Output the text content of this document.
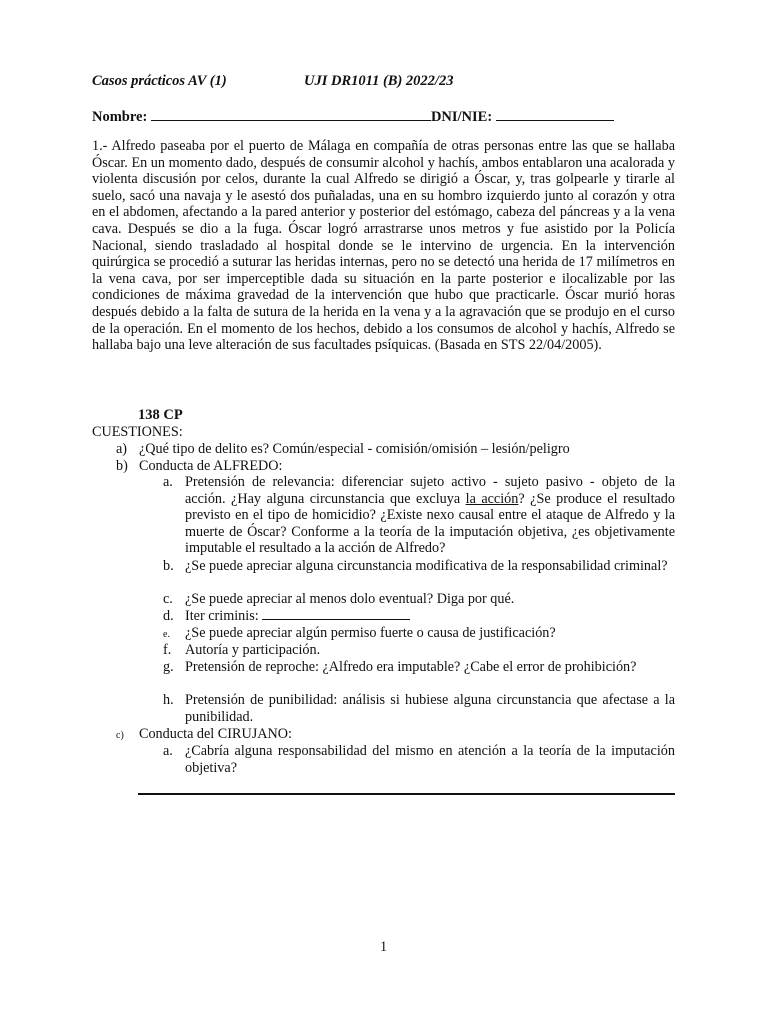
Casos prácticos AV (1)	UJI DR1011 (B) 2022/23
Nombre:	DNI/NIE:

1.- Alfredo paseaba por el puerto de Málaga en compañía de otras personas entre las que se hallaba Óscar. En un momento dado, después de consumir alcohol y hachís, ambos entablaron una acalorada y violenta discusión por celos, durante la cual Alfredo se dirigió a Óscar, y, tras golpearle y tirarle al suelo, sacó una navaja y le asestó dos puñaladas, una en su hombro izquierdo junto al corazón y otra en el abdomen, afectando a la pared anterior y posterior del estómago, cabeza del páncreas y a la vena cava. Después se dio a la fuga. Óscar logró arrastrarse unos metros y fue asistido por la Policía Nacional, siendo trasladado al hospital donde se le intervino de urgencia. En la intervención quirúrgica se procedió a suturar las heridas internas, pero no se detectó una herida de 17 milímetros en la vena cava, por ser imperceptible dada su situación en la parte posterior e ilocalizable por las condiciones de máxima gravedad de la intervención que hubo que practicarle. Óscar murió horas después debido a la falta de sutura de la herida en la vena y a la agravación que se produjo en el curso de la operación. En el momento de los hechos, debido a los consumos de alcohol y hachís, Alfredo se hallaba bajo una leve alteración de sus facultades psíquicas. (Basada en STS 22/04/2005).

138 CP
CUESTIONES:
a) ¿Qué tipo de delito es? Común/especial - comisión/omisión – lesión/peligro
b) Conducta de ALFREDO:
a. Pretensión de relevancia: diferenciar sujeto activo - sujeto pasivo - objeto de la acción. ¿Hay alguna circunstancia que excluya la acción? ¿Se produce el resultado previsto en el tipo de homicidio? ¿Existe nexo causal entre el ataque de Alfredo y la muerte de Óscar? Conforme a la teoría de la imputación objetiva, ¿es objetivamente imputable el resultado a la acción de Alfredo?
b. ¿Se puede apreciar alguna circunstancia modificativa de la responsabilidad criminal?
c. ¿Se puede apreciar al menos dolo eventual? Diga por qué.
d. Iter criminis:
e. ¿Se puede apreciar algún permiso fuerte o causa de justificación?
f. Autoría y participación.
g. Pretensión de reproche: ¿Alfredo era imputable? ¿Cabe el error de prohibición?
h. Pretensión de punibilidad: análisis si hubiese alguna circunstancia que afectase a la punibilidad.
c) Conducta del CIRUJANO:
a. ¿Cabría alguna responsabilidad del mismo en atención a la teoría de la imputación objetiva?
1
